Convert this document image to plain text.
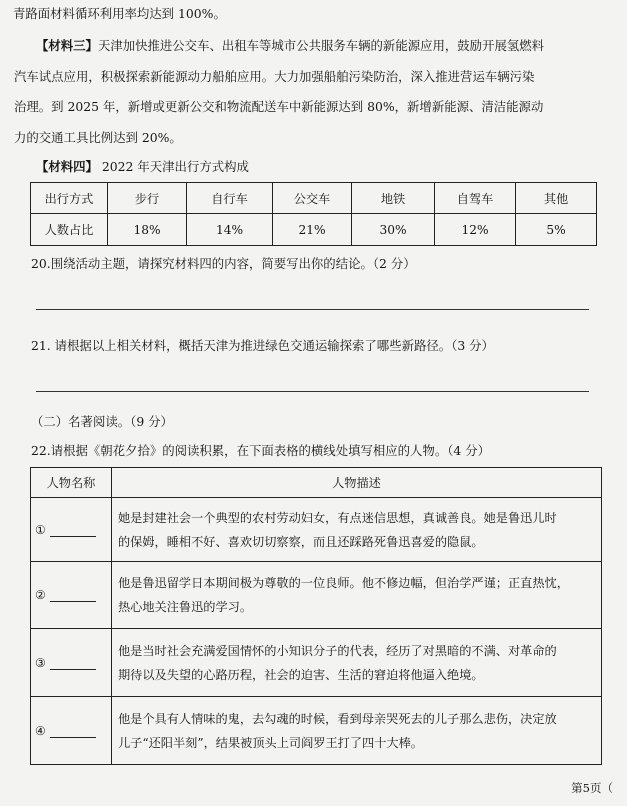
青路面材料循环利用率均达到 100%。
【材料三】天津加快推进公交车、出租车等城市公共服务车辆的新能源应用，鼓励开展氢燃料
汽车试点应用，积极探索新能源动力船舶应用。大力加强船舶污染防治，深入推进营运车辆污染
治理。到 2025 年，新增或更新公交和物流配送车中新能源达到 80%，新增新能源、清洁能源动
力的交通工具比例达到 20%。
【材料四】 2022 年天津出行方式构成
出行方式	步行	自行车	公交车	地铁	自驾车	其他
人数占比	18%	14%	21%	30%	12%	5%
20.围绕活动主题，请探究材料四的内容，简要写出你的结论。（2 分）
21. 请根据以上相关材料，概括天津为推进绿色交通运输探索了哪些新路径。（3 分）
（二）名著阅读。（9 分）
22.请根据《朝花夕拾》的阅读积累，在下面表格的横线处填写相应的人物。（4 分）
人物名称	人物描述
①	她是封建社会一个典型的农村劳动妇女，有点迷信思想，真诚善良。她是鲁迅儿时
的保姆，睡相不好、喜欢切切察察，而且还踩路死鲁迅喜爱的隐鼠。

②	他是鲁迅留学日本期间极为尊敬的一位良师。他不修边幅，但治学严谨；正直热忱，
热心地关注鲁迅的学习。

③	他是当时社会充满爱国情怀的小知识分子的代表，经历了对黑暗的不满、对革命的
期待以及失望的心路历程，社会的迫害、生活的窘迫将他逼入绝境。

④	他是个具有人情味的鬼，去勾魂的时候，看到母亲哭死去的儿子那么悲伤，决定放
儿子“还阳半刻”，结果被顶头上司阎罗王打了四十大棒。
第5页（
